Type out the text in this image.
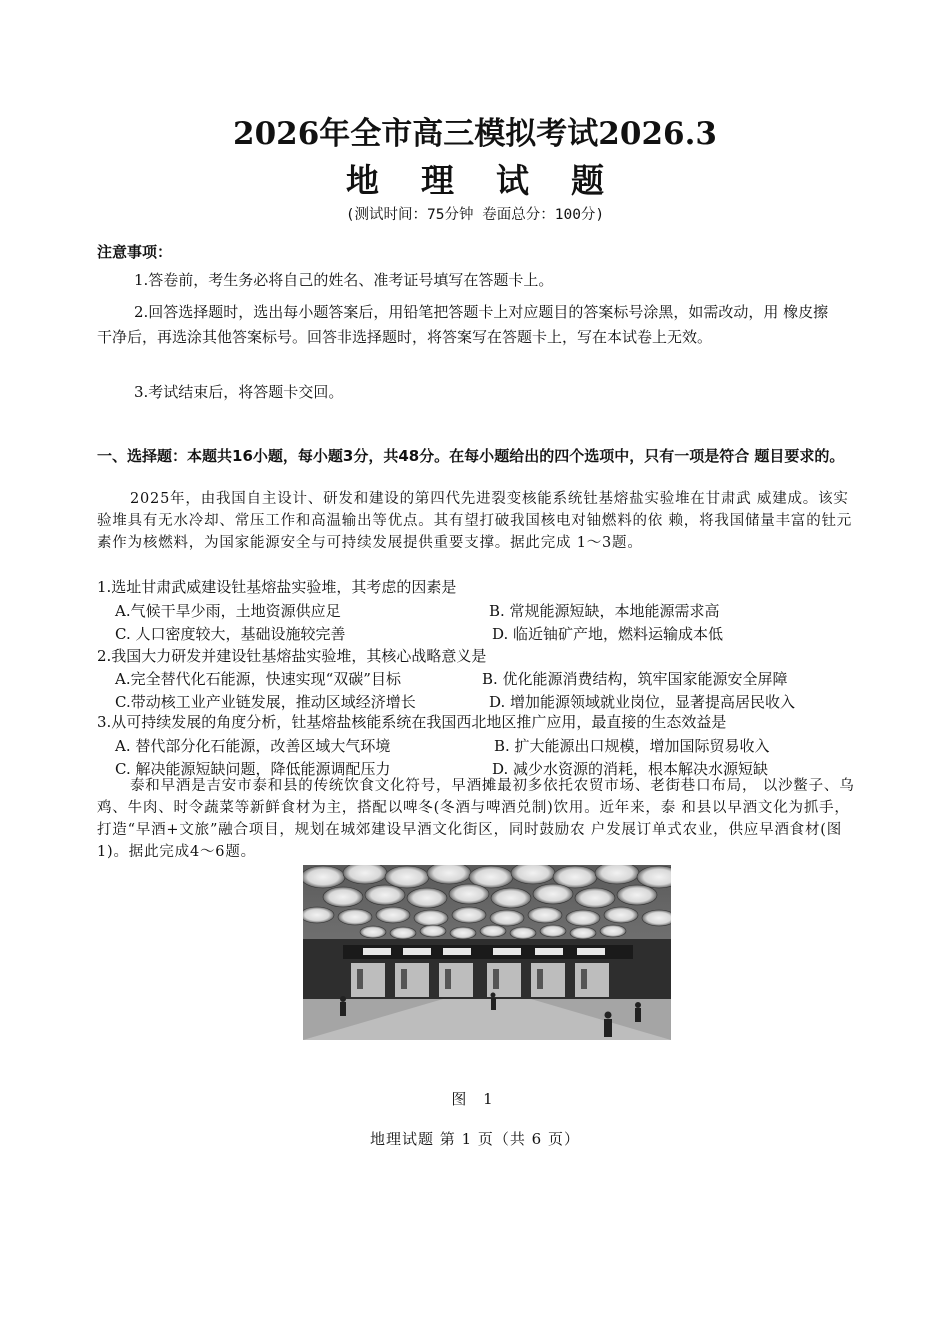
2026年全市高三模拟考试2026.3
地理试题
(测试时间：75分钟 卷面总分：100分)
注意事项：
1.答卷前，考生务必将自己的姓名、准考证号填写在答题卡上。
2.回答选择题时，选出每小题答案后，用铅笔把答题卡上对应题目的答案标号涂黑，如需改动，用 橡皮擦干净后，再选涂其他答案标号。回答非选择题时，将答案写在答题卡上，写在本试卷上无效。
3.考试结束后，将答题卡交回。
一、选择题：本题共16小题，每小题3分，共48分。在每小题给出的四个选项中，只有一项是符合 题目要求的。
2025年，由我国自主设计、研发和建设的第四代先进裂变核能系统钍基熔盐实验堆在甘肃武 威建成。该实验堆具有无水冷却、常压工作和高温输出等优点。其有望打破我国核电对铀燃料的依 赖，将我国储量丰富的钍元素作为核燃料，为国家能源安全与可持续发展提供重要支撑。据此完成 1～3题。
1.选址甘肃武威建设钍基熔盐实验堆，其考虑的因素是
A.气候干旱少雨，土地资源供应足	B. 常规能源短缺，本地能源需求高
C. 人口密度较大，基础设施较完善	D. 临近铀矿产地，燃料运输成本低
2.我国大力研发并建设钍基熔盐实验堆，其核心战略意义是
A.完全替代化石能源，快速实现“双碳”目标	B. 优化能源消费结构，筑牢国家能源安全屏障
C.带动核工业产业链发展，推动区域经济增长	D. 增加能源领域就业岗位，显著提高居民收入
3.从可持续发展的角度分析，钍基熔盐核能系统在我国西北地区推广应用，最直接的生态效益是
A. 替代部分化石能源，改善区域大气环境	B. 扩大能源出口规模，增加国际贸易收入
C. 解决能源短缺问题，降低能源调配压力	D. 减少水资源的消耗，根本解决水源短缺
泰和早酒是吉安市泰和县的传统饮食文化符号，早酒摊最初多依托农贸市场、老街巷口布局， 以沙鳖子、乌鸡、牛肉、时令蔬菜等新鲜食材为主，搭配以啤冬(冬酒与啤酒兑制)饮用。近年来，泰 和县以早酒文化为抓手，打造“早酒+文旅”融合项目，规划在城郊建设早酒文化街区，同时鼓励农 户发展订单式农业，供应早酒食材(图1)。据此完成4～6题。
图 1
地理试题 第 1 页（共 6 页）
